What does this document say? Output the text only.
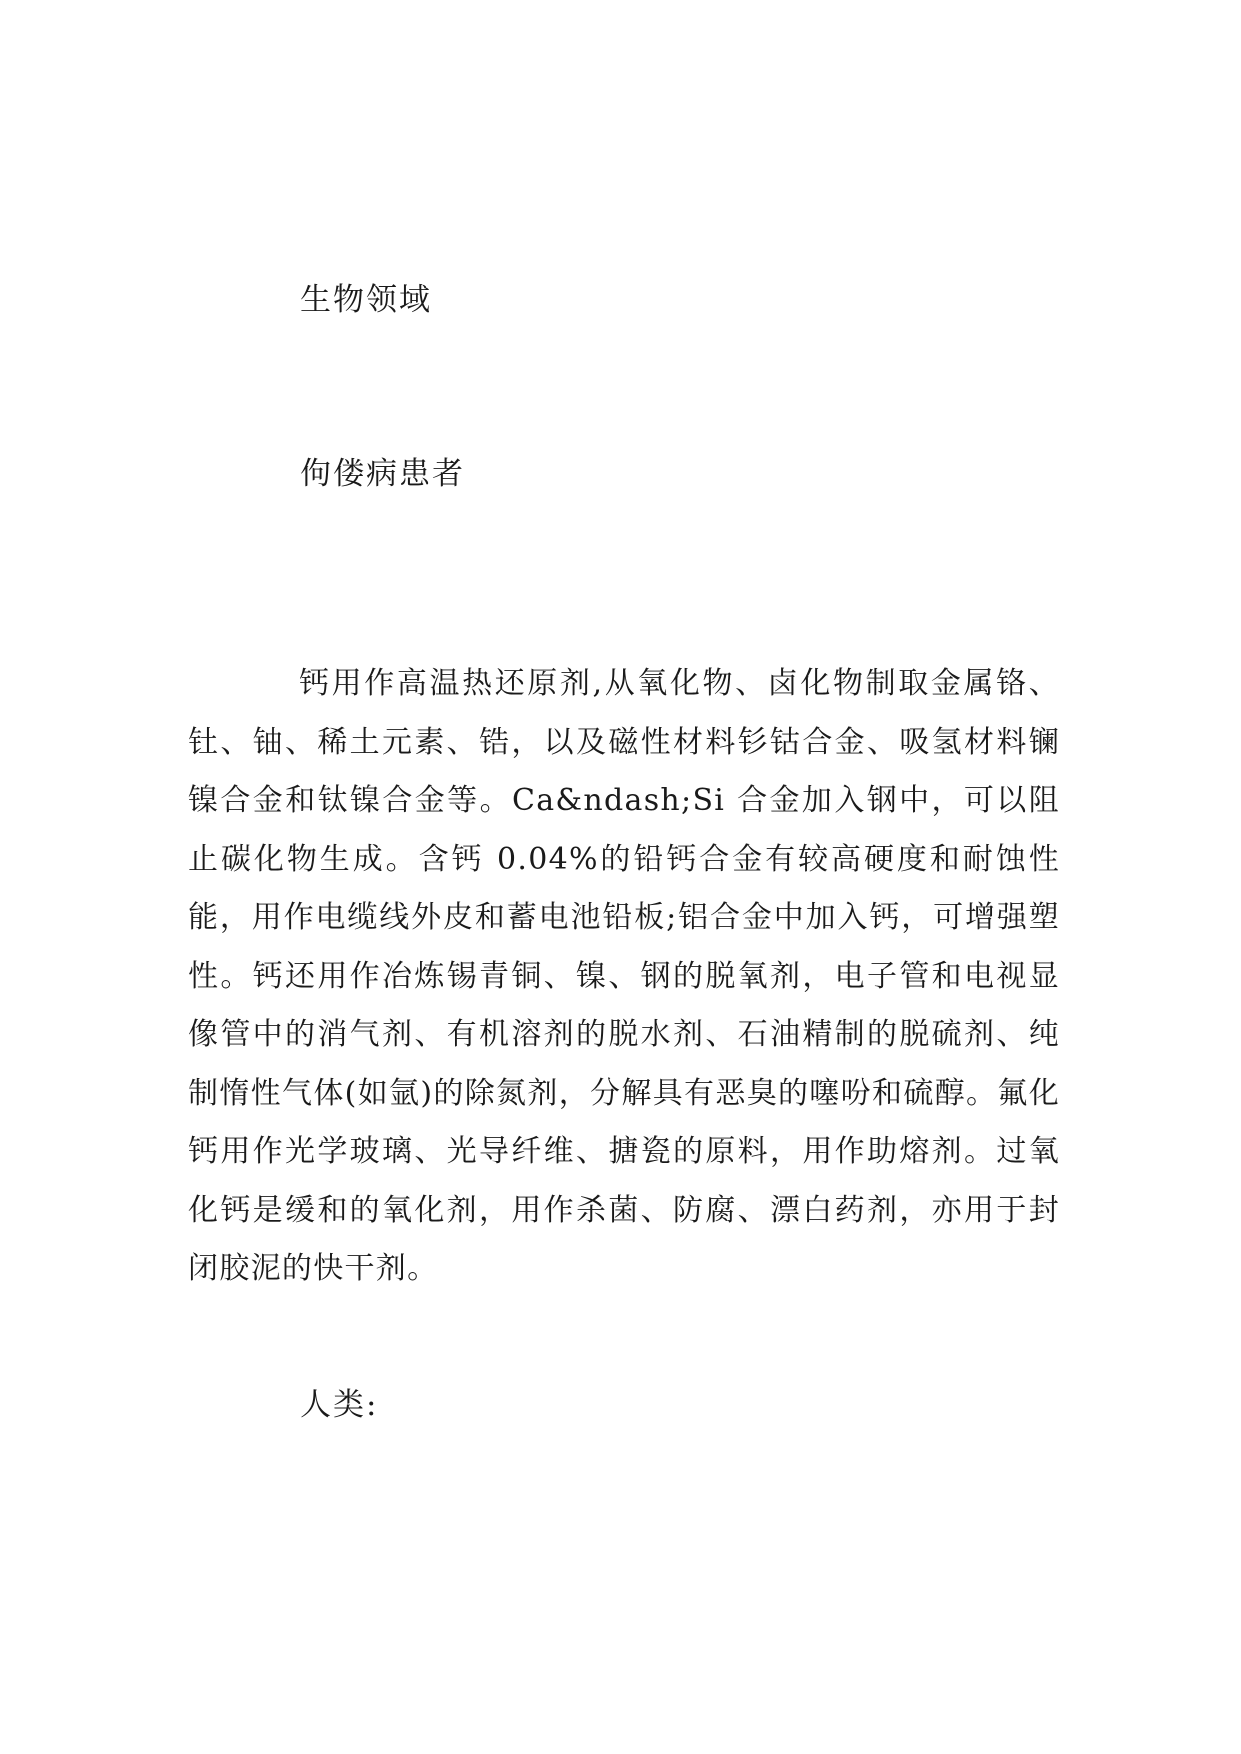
生物领域
佝偻病患者

钙用作高温热还原剂,从氧化物、卤化物制取金属铬、钍、铀、稀土元素、锆，以及磁性材料钐钴合金、吸氢材料镧镍合金和钛镍合金等。Ca&ndash;Si 合金加入钢中，可以阻止碳化物生成。含钙 0.04%的铅钙合金有较高硬度和耐蚀性能，用作电缆线外皮和蓄电池铅板;铝合金中加入钙，可增强塑性。钙还用作冶炼锡青铜、镍、钢的脱氧剂，电子管和电视显像管中的消气剂、有机溶剂的脱水剂、石油精制的脱硫剂、纯制惰性气体(如氩)的除氮剂，分解具有恶臭的噻吩和硫醇。氟化钙用作光学玻璃、光导纤维、搪瓷的原料，用作助熔剂。过氧化钙是缓和的氧化剂，用作杀菌、防腐、漂白药剂，亦用于封闭胶泥的快干剂。

人类:
